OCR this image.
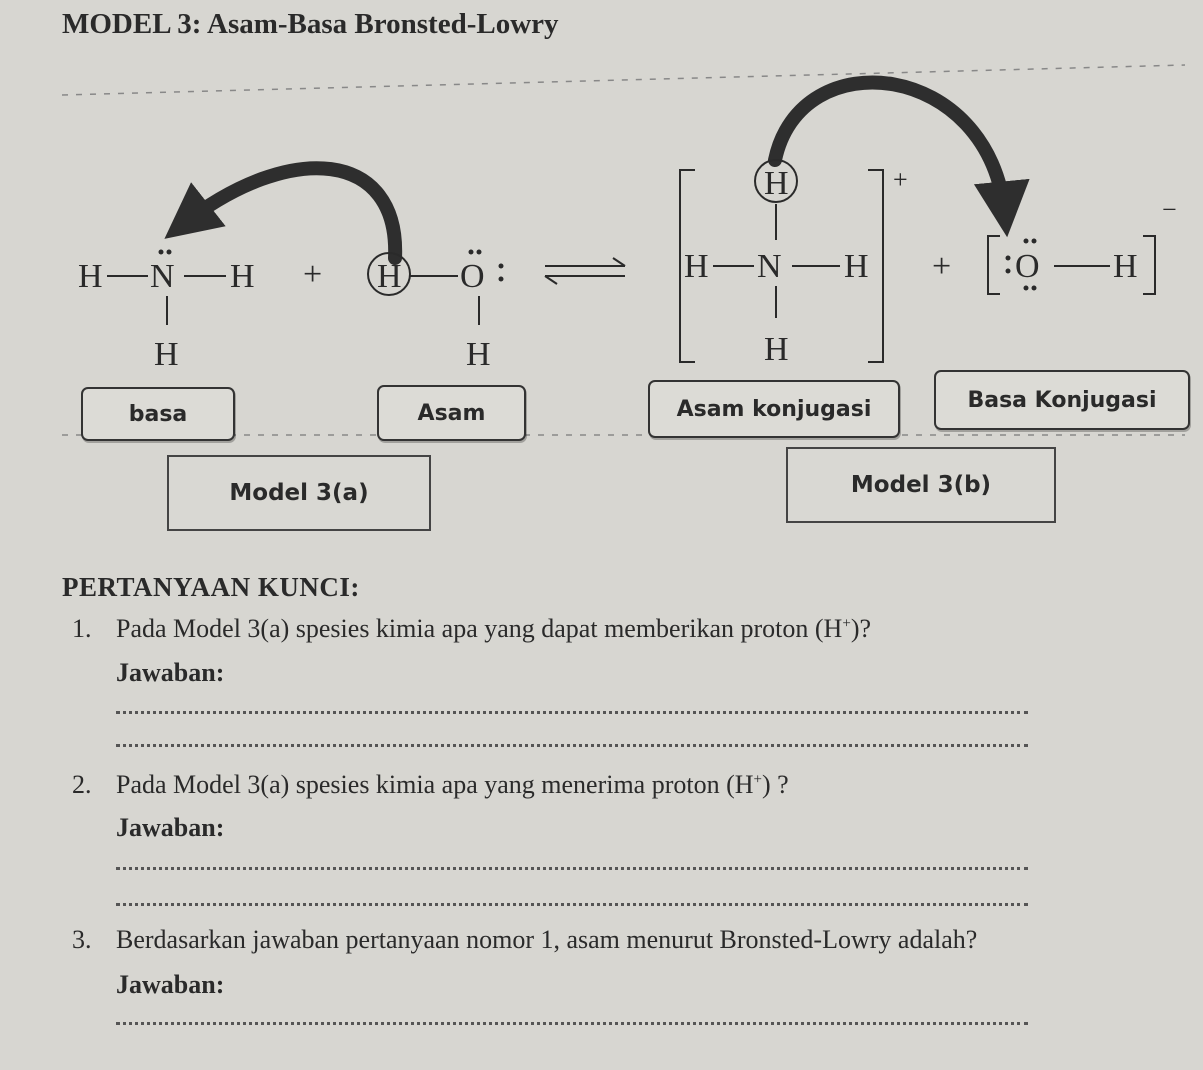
MODEL 3: Asam-Basa Bronsted-Lowry
H N H
H
+ H O
H
+
H
H N H
H
+
−
O H
basa	Asam	Asam konjugasi	Basa Konjugasi
Model 3(a)	Model 3(b)
PERTANYAAN KUNCI:
1. Pada Model 3(a) spesies kimia apa yang dapat memberikan proton (H+)?
Jawaban:
2. Pada Model 3(a) spesies kimia apa yang menerima proton (H+) ?
Jawaban:
3. Berdasarkan jawaban pertanyaan nomor 1, asam menurut Bronsted-Lowry adalah?
Jawaban:
